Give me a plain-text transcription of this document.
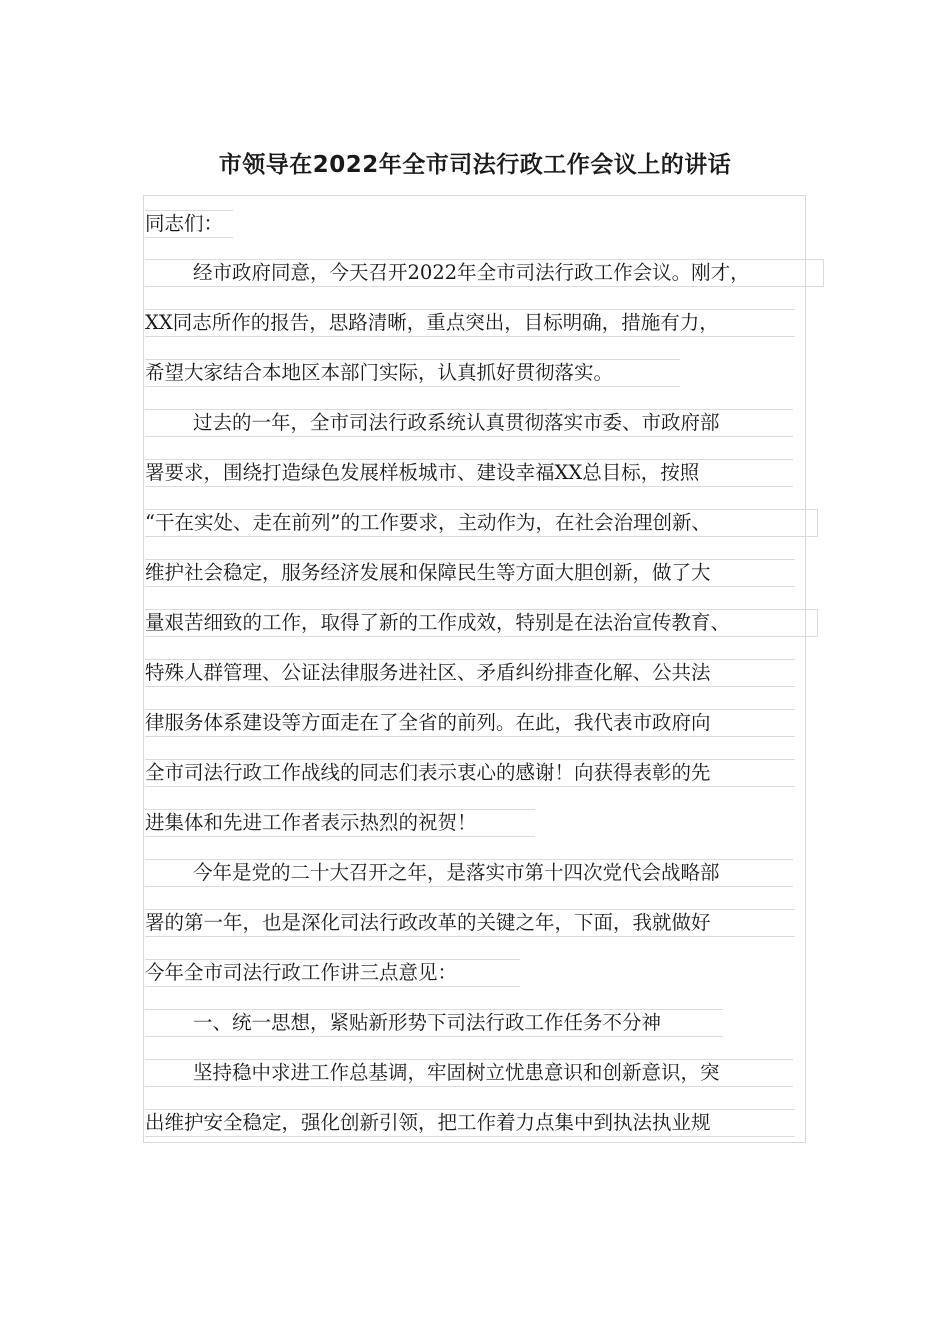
市领导在2022年全市司法行政工作会议上的讲话
同志们：
经市政府同意，今天召开2022年全市司法行政工作会议。刚才，
XX同志所作的报告，思路清晰，重点突出，目标明确，措施有力，
希望大家结合本地区本部门实际，认真抓好贯彻落实。
过去的一年，全市司法行政系统认真贯彻落实市委、市政府部
署要求，围绕打造绿色发展样板城市、建设幸福XX总目标，按照
“干在实处、走在前列”的工作要求，主动作为，在社会治理创新、
维护社会稳定，服务经济发展和保障民生等方面大胆创新，做了大
量艰苦细致的工作，取得了新的工作成效，特别是在法治宣传教育、
特殊人群管理、公证法律服务进社区、矛盾纠纷排查化解、公共法
律服务体系建设等方面走在了全省的前列。在此，我代表市政府向
全市司法行政工作战线的同志们表示衷心的感谢！向获得表彰的先
进集体和先进工作者表示热烈的祝贺！
今年是党的二十大召开之年，是落实市第十四次党代会战略部
署的第一年，也是深化司法行政改革的关键之年，下面，我就做好
今年全市司法行政工作讲三点意见：
一、统一思想，紧贴新形势下司法行政工作任务不分神
坚持稳中求进工作总基调，牢固树立忧患意识和创新意识，突
出维护安全稳定，强化创新引领，把工作着力点集中到执法执业规
